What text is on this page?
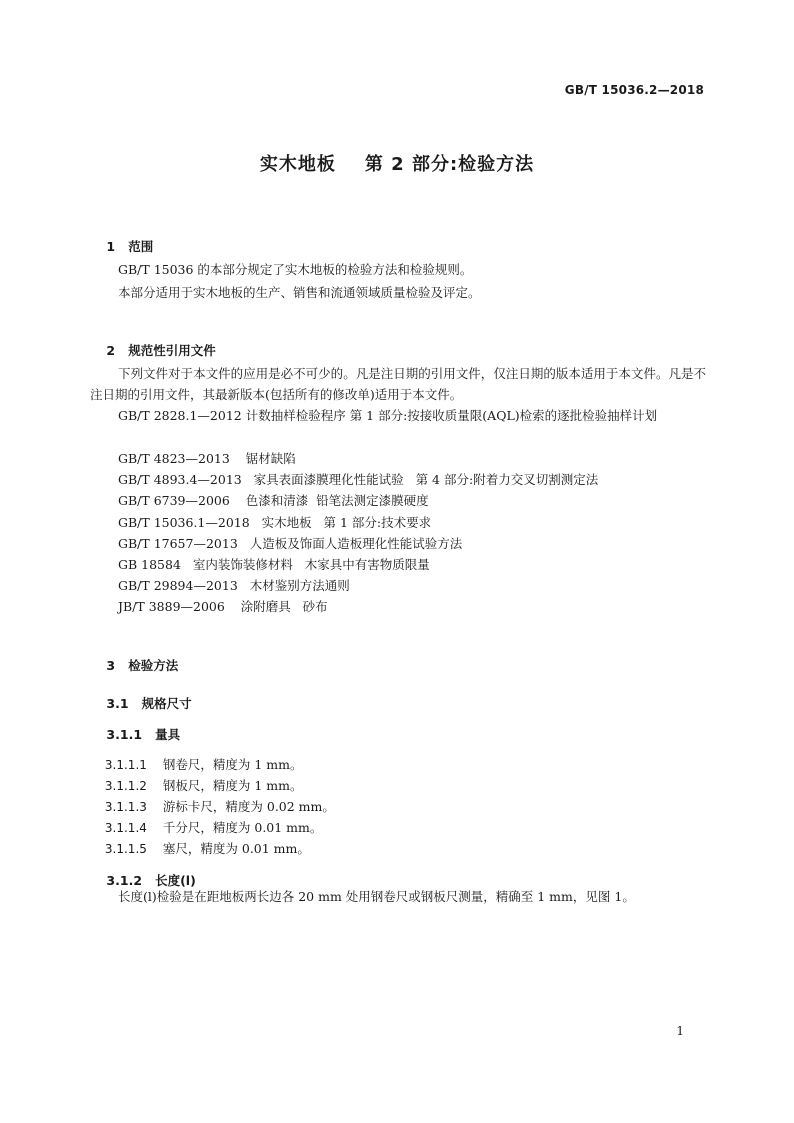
GB/T 15036.2—2018
实木地板    第 2 部分:检验方法

1 范围

GB/T 15036 的本部分规定了实木地板的检验方法和检验规则。
本部分适用于实木地板的生产、销售和流通领域质量检验及评定。

2 规范性引用文件

下列文件对于本文件的应用是必不可少的。凡是注日期的引用文件，仅注日期的版本适用于本文件。凡是不注日期的引用文件，其最新版本(包括所有的修改单)适用于本文件。
GB/T 2828.1—2012 计数抽样检验程序 第 1 部分:按接收质量限(AQL)检索的逐批检验抽样计划
GB/T 4823—2013    锯材缺陷
GB/T 4893.4—2013   家具表面漆膜理化性能试验   第 4 部分:附着力交叉切割测定法
GB/T 6739—2006    色漆和清漆  铅笔法测定漆膜硬度
GB/T 15036.1—2018   实木地板   第 1 部分:技术要求
GB/T 17657—2013   人造板及饰面人造板理化性能试验方法
GB 18584   室内装饰装修材料   木家具中有害物质限量
GB/T 29894—2013   木材鉴别方法通则
JB/T 3889—2006    涂附磨具   砂布

3 检验方法

3.1 规格尺寸

3.1.1 量具

3.1.1.1 钢卷尺，精度为 1 mm。

3.1.1.2 钢板尺，精度为 1 mm。

3.1.1.3 游标卡尺，精度为 0.02 mm。

3.1.1.4 千分尺，精度为 0.01 mm。

3.1.1.5 塞尺，精度为 0.01 mm。

3.1.2 长度(l)

长度(l)检验是在距地板两长边各 20 mm 处用钢卷尺或钢板尺测量，精确至 1 mm，见图 1。
1
